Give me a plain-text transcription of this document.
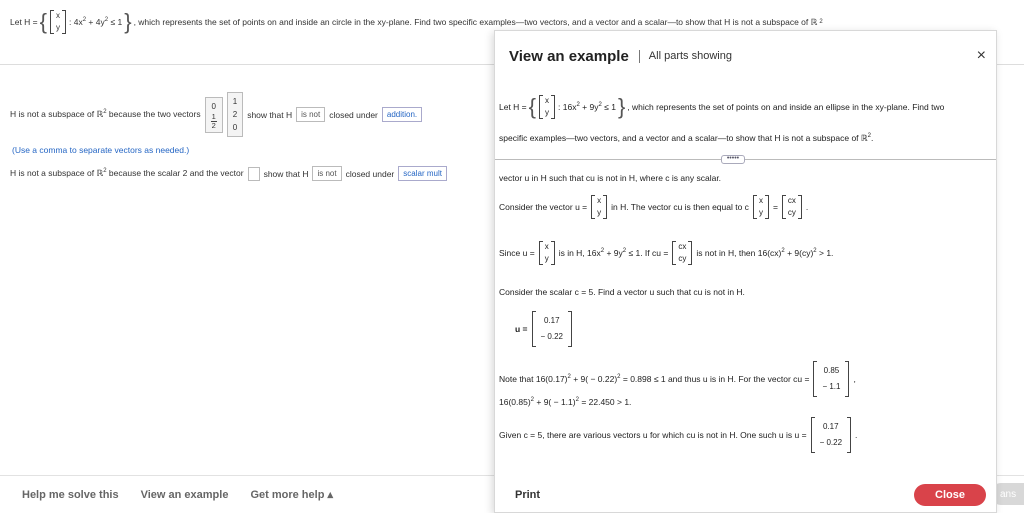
Let H = { x
y
: $4x^2 + 4y^2 \le 1$ } , which represents the set of points on and inside an circle in the xy-plane. Find two specific examples—two vectors, and a vector and a scalar—to show that H is not a subspace of ℝ 2
H is not a subspace of ℝ$^2$ because the two vectors
0
$\frac{1}{2}$
1
2
0
show that H	is not	closed under	addition.
(Use a comma to separate vectors as needed.)
H is not a subspace of ℝ$^2$ because the scalar 2 and the vector show that H	is not	closed under	scalar mult
Help me solve this View an example Get more help ▴	ans
View an example All parts showing	×
Let H = { x
y
: $16x^2 + 9y^2 \le 1$ } , which represents the set of points on and inside an ellipse in the xy-plane. Find two
specific examples—two vectors, and a vector and a scalar—to show that H is not a subspace of ℝ$^2$.
•••••
vector u in H such that cu is not in H, where c is any scalar.
Consider the vector u =
x
y
in H. The vector cu is then equal to c
x
y
=
cx
cy
.
Since u =
x
y
is in H, $16x^2 + 9y^2 \le 1$. If cu =
cx
cy
is not in H, then 16(cx)$^2$ + 9(cy)$^2$ > 1.
Consider the scalar c = 5. Find a vector u such that cu is not in H.
u =
0.17
− 0.22
Note that $16(0.17)^2 + 9( - 0.22)^2 = 0.898 \le 1$ and thus u is in H. For the vector cu =
0.85
− 1.1
,
$16(0.85)^2 + 9( - 1.1)^2 = 22.450 > 1$.
Given c = 5, there are various vectors u for which cu is not in H. One such u is u =
0.17
− 0.22
.
Print	Close
